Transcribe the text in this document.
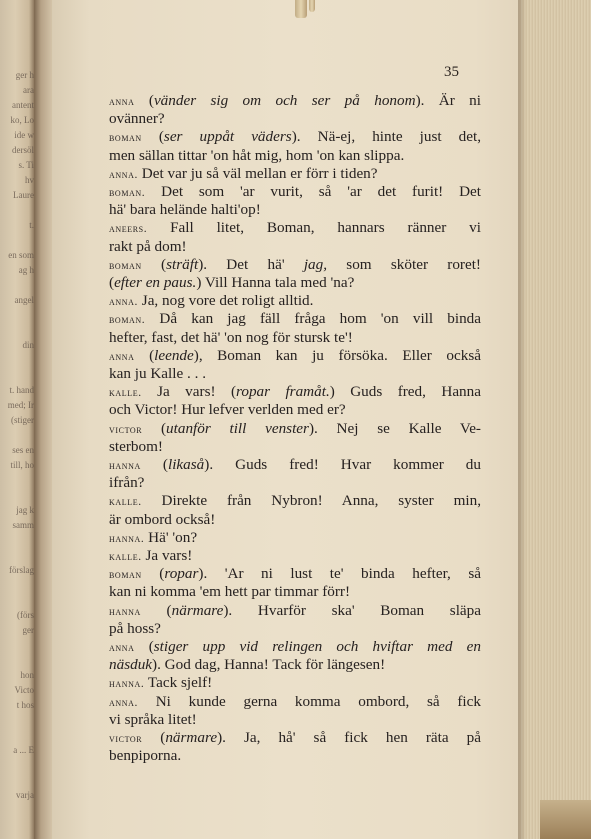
ger h
ara
antent
ko, Lo
ide w
dersöl
s. Ti
hv
Laure
t.
en som
ag h
angel
din
t. hand
med; Ir
(stiger
ses en
till, ho
jag k
samm
förslag
(förs
ger
hon
Victo
t hos
a ... E
varja
35
anna (vänder sig om och ser på honom). Är ni
ovänner?
boman (ser uppåt väders). Nä-ej, hinte just det,
men sällan tittar 'on håt mig, hom 'on kan slippa.
anna. Det var ju så väl mellan er förr i tiden?
boman. Det som 'ar vurit, så 'ar det furit! Det
hä' bara helände halti'op!
aneers. Fall litet, Boman, hannars ränner vi
rakt på dom!
boman (sträft). Det hä' jag, som sköter roret!
(efter en paus.) Vill Hanna tala med 'na?
anna. Ja, nog vore det roligt alltid.
boman. Då kan jag fäll fråga hom 'on vill binda
hefter, fast, det hä' 'on nog för stursk te'!
anna (leende), Boman kan ju försöka. Eller också
kan ju Kalle . . .
kalle. Ja vars! (ropar framåt.) Guds fred, Hanna
och Victor! Hur lefver verlden med er?
victor (utanför till venster). Nej se Kalle Ve-
sterbom!
hanna (likaså). Guds fred! Hvar kommer du
ifrån?
kalle. Direkte från Nybron! Anna, syster min,
är ombord också!
hanna. Hä' 'on?
kalle. Ja vars!
boman (ropar). 'Ar ni lust te' binda hefter, så
kan ni komma 'em hett par timmar förr!
hanna (närmare). Hvarför ska' Boman släpa
på hoss?
anna (stiger upp vid relingen och hviftar med en
näsduk). God dag, Hanna! Tack för längesen!
hanna. Tack sjelf!
anna. Ni kunde gerna komma ombord, så fick
vi språka litet!
victor (närmare). Ja, hå' så fick hen räta på
benpiporna.
